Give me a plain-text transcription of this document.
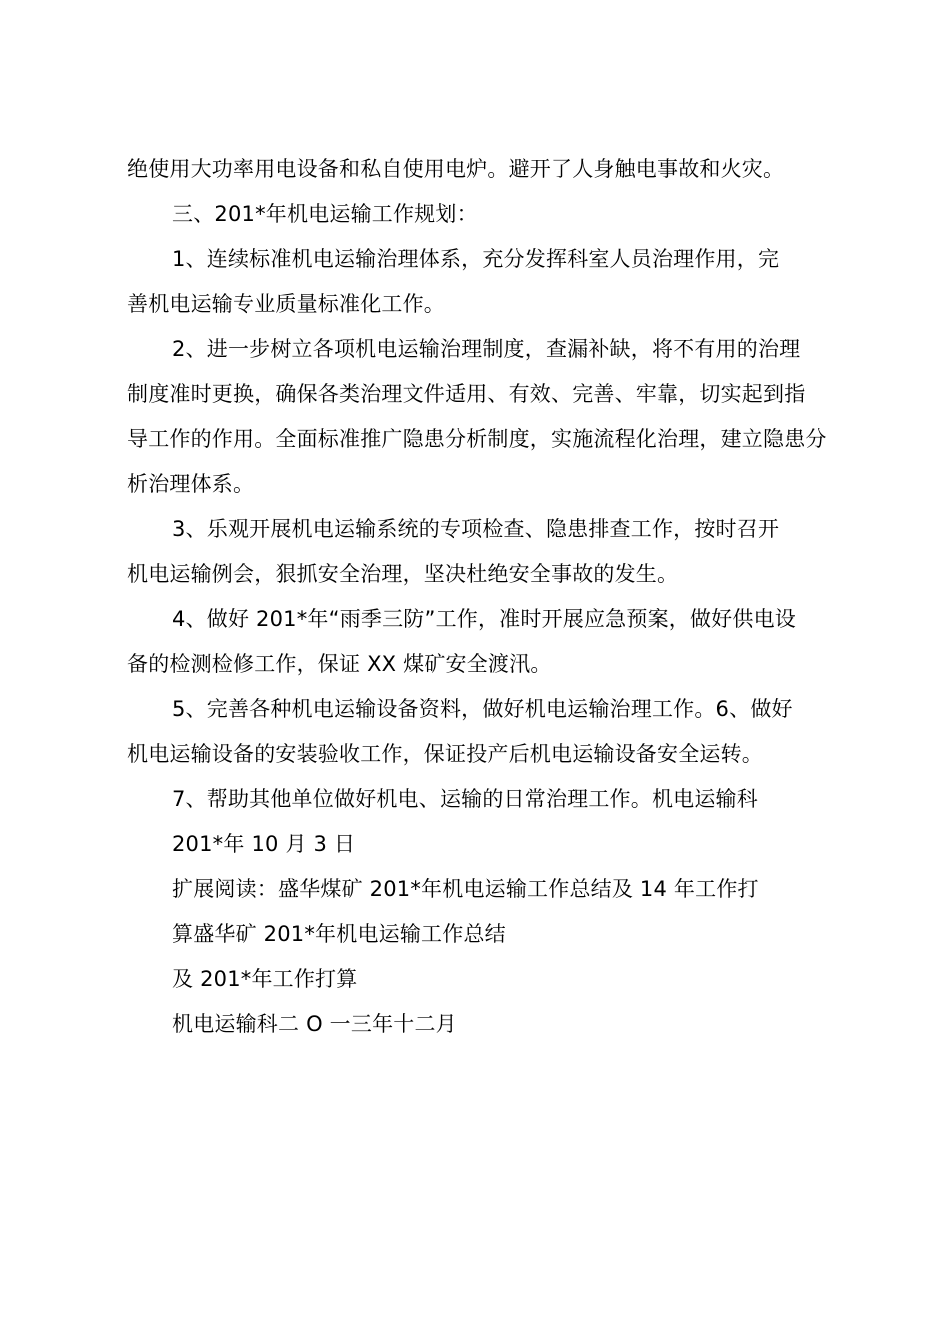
绝使用大功率用电设备和私自使用电炉。避开了人身触电事故和火灾。
三、201*年机电运输工作规划：
1、连续标准机电运输治理体系，充分发挥科室人员治理作用，完
善机电运输专业质量标准化工作。
2、进一步树立各项机电运输治理制度，查漏补缺，将不有用的治理
制度准时更换，确保各类治理文件适用、有效、完善、牢靠，切实起到指
导工作的作用。全面标准推广隐患分析制度，实施流程化治理，建立隐患分
析治理体系。
3、乐观开展机电运输系统的专项检查、隐患排查工作，按时召开
机电运输例会，狠抓安全治理，坚决杜绝安全事故的发生。
4、做好 201*年“雨季三防”工作，准时开展应急预案，做好供电设
备的检测检修工作，保证 XX 煤矿安全渡汛。
5、完善各种机电运输设备资料，做好机电运输治理工作。6、做好
机电运输设备的安装验收工作，保证投产后机电运输设备安全运转。
7、帮助其他单位做好机电、运输的日常治理工作。机电运输科
201*年 10 月 3 日
扩展阅读：盛华煤矿 201*年机电运输工作总结及 14 年工作打
算盛华矿 201*年机电运输工作总结
及 201*年工作打算
机电运输科二 O 一三年十二月
